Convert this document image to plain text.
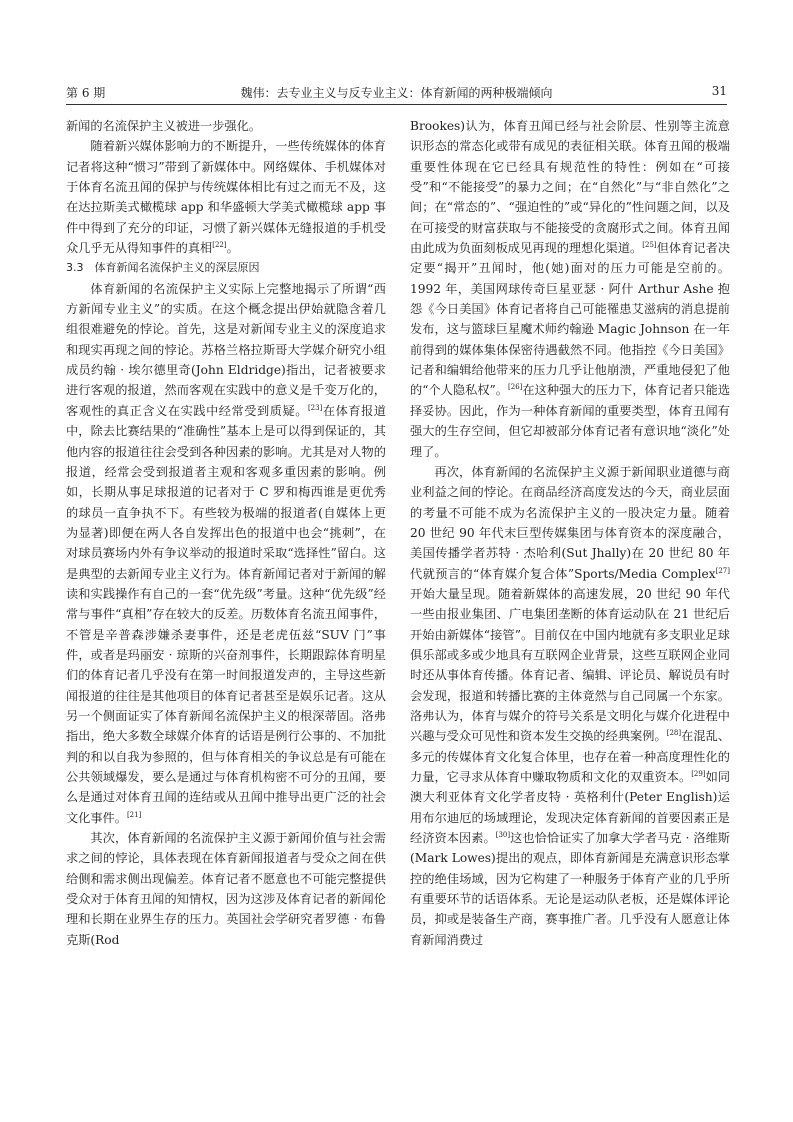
第 6 期	魏伟：去专业主义与反专业主义：体育新闻的两种极端倾向	31

新闻的名流保护主义被进一步强化。

随着新兴媒体影响力的不断提升，一些传统媒体的体育记者将这种“惯习”带到了新媒体中。网络媒体、手机媒体对于体育名流丑闻的保护与传统媒体相比有过之而无不及，这在达拉斯美式橄榄球 app 和华盛顿大学美式橄榄球 app 事件中得到了充分的印证，习惯了新兴媒体无缝报道的手机受众几乎无从得知事件的真相[22]。

3.3　体育新闻名流保护主义的深层原因

体育新闻的名流保护主义实际上完整地揭示了所谓“西方新闻专业主义”的实质。在这个概念提出伊始就隐含着几组很难避免的悖论。首先，这是对新闻专业主义的深度追求和现实再现之间的悖论。苏格兰格拉斯哥大学媒介研究小组成员约翰 · 埃尔德里奇(John Eldridge)指出，记者被要求进行客观的报道，然而客观在实践中的意义是千变万化的，客观性的真正含义在实践中经常受到质疑。[23]在体育报道中，除去比赛结果的“准确性”基本上是可以得到保证的，其他内容的报道往往会受到各种因素的影响。尤其是对人物的报道，经常会受到报道者主观和客观多重因素的影响。例如，长期从事足球报道的记者对于 C 罗和梅西谁是更优秀的球员一直争执不下。有些较为极端的报道者(自媒体上更为显著)即便在两人各自发挥出色的报道中也会“挑刺”，在对球员赛场内外有争议举动的报道时采取“选择性”留白。这是典型的去新闻专业主义行为。体育新闻记者对于新闻的解读和实践操作有自己的一套“优先级”考量。这种“优先级”经常与事件“真相”存在较大的反差。历数体育名流丑闻事件，不管是辛普森涉嫌杀妻事件，还是老虎伍兹“SUV 门”事件，或者是玛丽安 · 琼斯的兴奋剂事件，长期跟踪体育明星们的体育记者几乎没有在第一时间报道发声的，主导这些新闻报道的往往是其他项目的体育记者甚至是娱乐记者。这从另一个侧面证实了体育新闻名流保护主义的根深蒂固。洛弗指出，绝大多数全球媒介体育的话语是例行公事的、不加批判的和以自我为参照的，但与体育相关的争议总是有可能在公共领域爆发，要么是通过与体育机构密不可分的丑闻，要么是通过对体育丑闻的连结或从丑闻中推导出更广泛的社会文化事件。[21]

其次，体育新闻的名流保护主义源于新闻价值与社会需求之间的悖论，具体表现在体育新闻报道者与受众之间在供给侧和需求侧出现偏差。体育记者不愿意也不可能完整提供受众对于体育丑闻的知情权，因为这涉及体育记者的新闻伦理和长期在业界生存的压力。英国社会学研究者罗德 · 布鲁克斯(Rod

Brookes)认为，体育丑闻已经与社会阶层、性别等主流意识形态的常态化或带有成见的表征相关联。体育丑闻的极端重要性体现在它已经具有规范性的特性：例如在“可接受”和“不能接受”的暴力之间；在“自然化”与“非自然化”之间；在“常态的”、“强迫性的”或“异化的”性问题之间，以及在可接受的财富获取与不能接受的贪腐形式之间。体育丑闻由此成为负面刻板成见再现的理想化渠道。[25]但体育记者决定要“揭开”丑闻时，他(她)面对的压力可能是空前的。1992 年，美国网球传奇巨星亚瑟 · 阿什 Arthur Ashe 抱怨《今日美国》体育记者将自己可能罹患艾滋病的消息提前发布，这与篮球巨星魔术师约翰逊 Magic Johnson 在一年前得到的媒体集体保密待遇截然不同。他指控《今日美国》记者和编辑给他带来的压力几乎让他崩溃，严重地侵犯了他的“个人隐私权”。[26]在这种强大的压力下，体育记者只能选择妥协。因此，作为一种体育新闻的重要类型，体育丑闻有强大的生存空间，但它却被部分体育记者有意识地“淡化”处理了。

再次，体育新闻的名流保护主义源于新闻职业道德与商业利益之间的悖论。在商品经济高度发达的今天，商业层面的考量不可能不成为名流保护主义的一股决定力量。随着 20 世纪 90 年代末巨型传媒集团与体育资本的深度融合，美国传播学者苏特 · 杰哈利(Sut Jhally)在 20 世纪 80 年代就预言的“体育媒介复合体”Sports/Media Complex[27]开始大量呈现。随着新媒体的高速发展，20 世纪 90 年代一些由报业集团、广电集团垄断的体育运动队在 21 世纪后开始由新媒体“接管”。目前仅在中国内地就有多支职业足球俱乐部或多或少地具有互联网企业背景，这些互联网企业同时还从事体育传播。体育记者、编辑、评论员、解说员有时会发现，报道和转播比赛的主体竟然与自己同属一个东家。洛弗认为，体育与媒介的符号关系是文明化与媒介化进程中兴趣与受众可见性和资本发生交换的经典案例。[28]在混乱、多元的传媒体育文化复合体里，也存在着一种高度理性化的力量，它寻求从体育中赚取物质和文化的双重资本。[29]如同澳大利亚体育文化学者皮特 · 英格利什(Peter English)运用布尔迪厄的场域理论，发现决定体育新闻的首要因素正是经济资本因素。[30]这也恰恰证实了加拿大学者马克 · 洛维斯(Mark Lowes)提出的观点，即体育新闻是充满意识形态掌控的绝佳场域，因为它构建了一种服务于体育产业的几乎所有重要环节的话语体系。无论是运动队老板，还是媒体评论员，抑或是装备生产商，赛事推广者。几乎没有人愿意让体育新闻消费过
